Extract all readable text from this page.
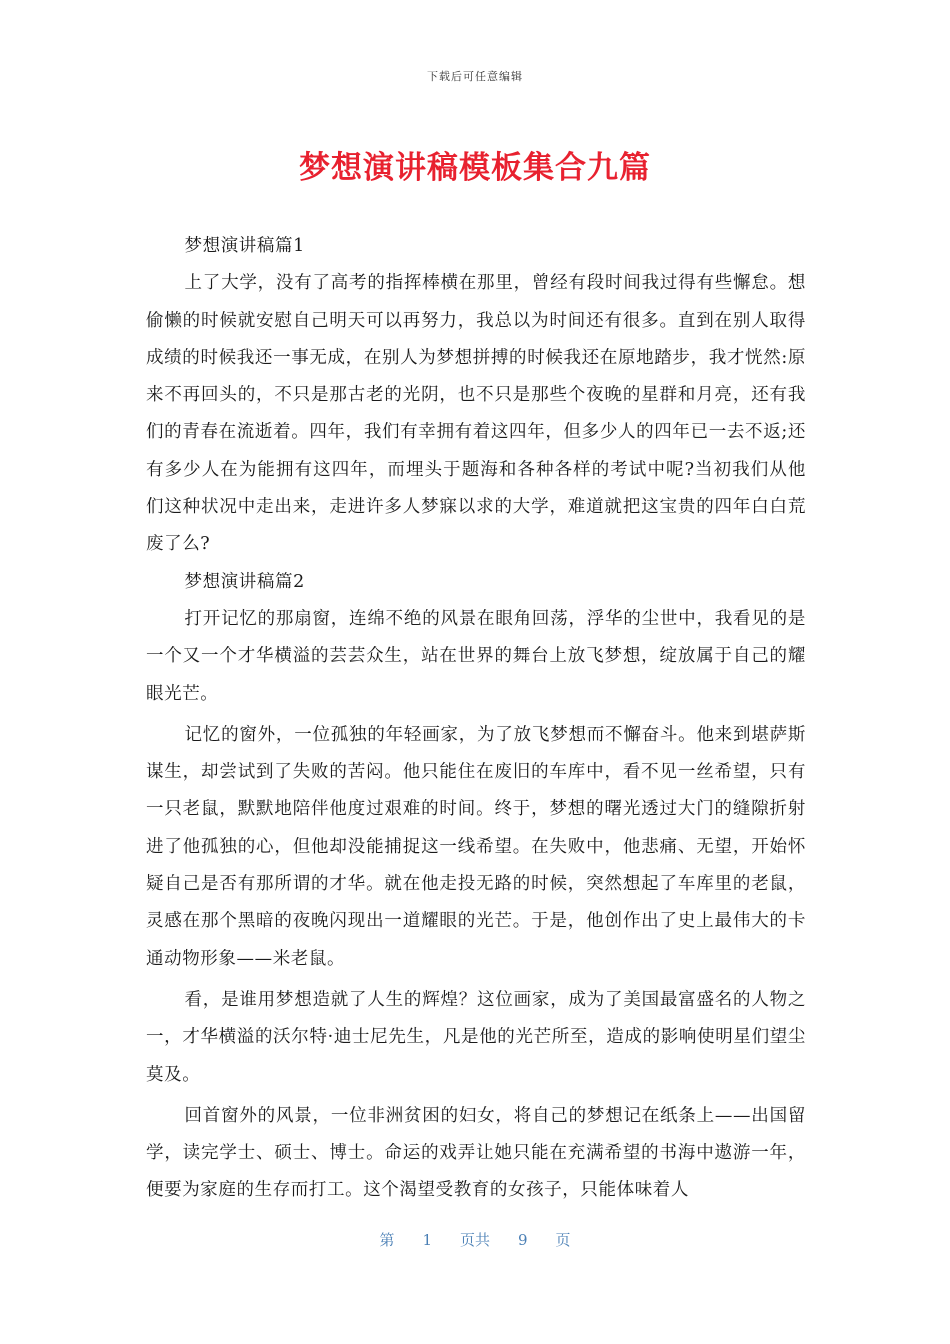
下载后可任意编辑
梦想演讲稿模板集合九篇

梦想演讲稿篇1

上了大学，没有了高考的指挥棒横在那里，曾经有段时间我过得有些懈怠。想偷懒的时候就安慰自己明天可以再努力，我总以为时间还有很多。直到在别人取得成绩的时候我还一事无成，在别人为梦想拼搏的时候我还在原地踏步，我才恍然:原来不再回头的，不只是那古老的光阴，也不只是那些个夜晚的星群和月亮，还有我们的青春在流逝着。四年，我们有幸拥有着这四年，但多少人的四年已一去不返;还有多少人在为能拥有这四年，而埋头于题海和各种各样的考试中呢?当初我们从他们这种状况中走出来，走进许多人梦寐以求的大学，难道就把这宝贵的四年白白荒废了么?

梦想演讲稿篇2

打开记忆的那扇窗，连绵不绝的风景在眼角回荡，浮华的尘世中，我看见的是一个又一个才华横溢的芸芸众生，站在世界的舞台上放飞梦想，绽放属于自己的耀眼光芒。

记忆的窗外，一位孤独的年轻画家，为了放飞梦想而不懈奋斗。他来到堪萨斯谋生，却尝试到了失败的苦闷。他只能住在废旧的车库中，看不见一丝希望，只有一只老鼠，默默地陪伴他度过艰难的时间。终于，梦想的曙光透过大门的缝隙折射进了他孤独的心，但他却没能捕捉这一线希望。在失败中，他悲痛、无望，开始怀疑自己是否有那所谓的才华。就在他走投无路的时候，突然想起了车库里的老鼠，灵感在那个黑暗的夜晚闪现出一道耀眼的光芒。于是，他创作出了史上最伟大的卡通动物形象——米老鼠。

看，是谁用梦想造就了人生的辉煌？这位画家，成为了美国最富盛名的人物之一，才华横溢的沃尔特·迪士尼先生，凡是他的光芒所至，造成的影响使明星们望尘莫及。

回首窗外的风景，一位非洲贫困的妇女，将自己的梦想记在纸条上——出国留学，读完学士、硕士、博士。命运的戏弄让她只能在充满希望的书海中遨游一年，便要为家庭的生存而打工。这个渴望受教育的女孩子，只能体味着人

第 1 页共 9 页
